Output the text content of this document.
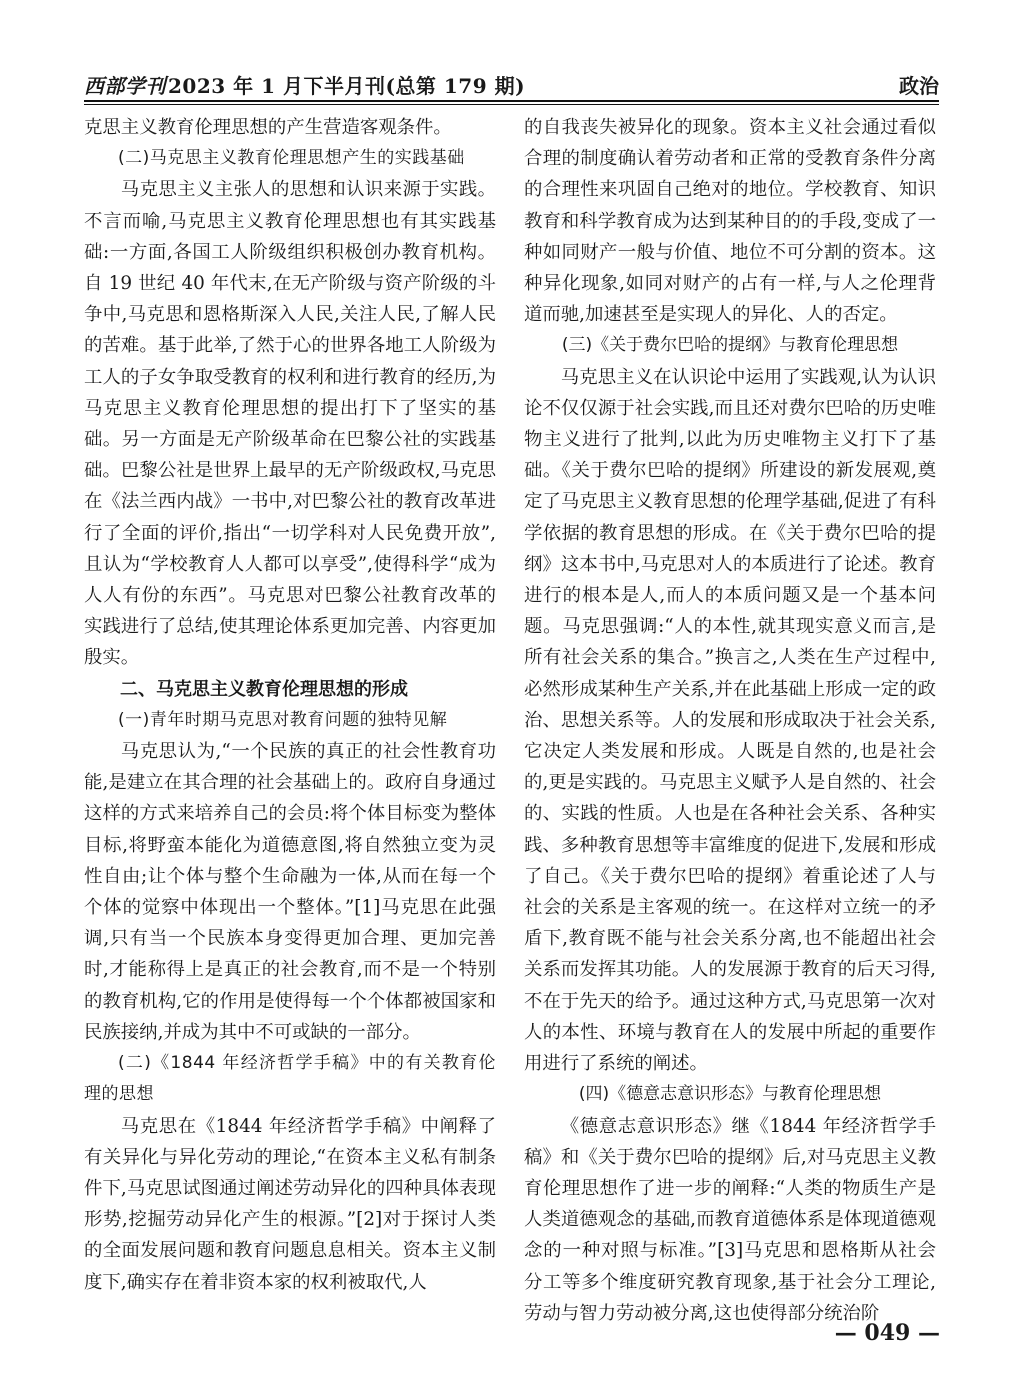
西部学刊 2023 年 1 月下半月刊(总第 179 期)	政治

克思主义教育伦理思想的产生营造客观条件。

(二)马克思主义教育伦理思想产生的实践基础

马克思主义主张人的思想和认识来源于实践。不言而喻,马克思主义教育伦理思想也有其实践基础:一方面,各国工人阶级组织积极创办教育机构。自 19 世纪 40 年代末,在无产阶级与资产阶级的斗争中,马克思和恩格斯深入人民,关注人民,了解人民的苦难。基于此举,了然于心的世界各地工人阶级为工人的子女争取受教育的权利和进行教育的经历,为马克思主义教育伦理思想的提出打下了坚实的基础。另一方面是无产阶级革命在巴黎公社的实践基础。巴黎公社是世界上最早的无产阶级政权,马克思在《法兰西内战》一书中,对巴黎公社的教育改革进行了全面的评价,指出“一切学科对人民免费开放”,且认为“学校教育人人都可以享受”,使得科学“成为人人有份的东西”。马克思对巴黎公社教育改革的实践进行了总结,使其理论体系更加完善、内容更加殷实。

二、马克思主义教育伦理思想的形成

(一)青年时期马克思对教育问题的独特见解

马克思认为,“一个民族的真正的社会性教育功能,是建立在其合理的社会基础上的。政府自身通过这样的方式来培养自己的会员:将个体目标变为整体目标,将野蛮本能化为道德意图,将自然独立变为灵性自由;让个体与整个生命融为一体,从而在每一个个体的觉察中体现出一个整体。”[1]马克思在此强调,只有当一个民族本身变得更加合理、更加完善时,才能称得上是真正的社会教育,而不是一个特别的教育机构,它的作用是使得每一个个体都被国家和民族接纳,并成为其中不可或缺的一部分。

(二)《1844 年经济哲学手稿》中的有关教育伦理的思想

马克思在《1844 年经济哲学手稿》中阐释了有关异化与异化劳动的理论,“在资本主义私有制条件下,马克思试图通过阐述劳动异化的四种具体表现形势,挖掘劳动异化产生的根源。”[2]对于探讨人类的全面发展问题和教育问题息息相关。资本主义制度下,确实存在着非资本家的权利被取代,人

的自我丧失被异化的现象。资本主义社会通过看似合理的制度确认着劳动者和正常的受教育条件分离的合理性来巩固自己绝对的地位。学校教育、知识教育和科学教育成为达到某种目的的手段,变成了一种如同财产一般与价值、地位不可分割的资本。这种异化现象,如同对财产的占有一样,与人之伦理背道而驰,加速甚至是实现人的异化、人的否定。

(三)《关于费尔巴哈的提纲》与教育伦理思想

马克思主义在认识论中运用了实践观,认为认识论不仅仅源于社会实践,而且还对费尔巴哈的历史唯物主义进行了批判,以此为历史唯物主义打下了基础。《关于费尔巴哈的提纲》所建设的新发展观,奠定了马克思主义教育思想的伦理学基础,促进了有科学依据的教育思想的形成。在《关于费尔巴哈的提纲》这本书中,马克思对人的本质进行了论述。教育进行的根本是人,而人的本质问题又是一个基本问题。马克思强调:“人的本性,就其现实意义而言,是所有社会关系的集合。”换言之,人类在生产过程中,必然形成某种生产关系,并在此基础上形成一定的政治、思想关系等。人的发展和形成取决于社会关系,它决定人类发展和形成。人既是自然的,也是社会的,更是实践的。马克思主义赋予人是自然的、社会的、实践的性质。人也是在各种社会关系、各种实践、多种教育思想等丰富维度的促进下,发展和形成了自己。《关于费尔巴哈的提纲》着重论述了人与社会的关系是主客观的统一。在这样对立统一的矛盾下,教育既不能与社会关系分离,也不能超出社会关系而发挥其功能。人的发展源于教育的后天习得,不在于先天的给予。通过这种方式,马克思第一次对人的本性、环境与教育在人的发展中所起的重要作用进行了系统的阐述。

(四)《德意志意识形态》与教育伦理思想

《德意志意识形态》继《1844 年经济哲学手稿》和《关于费尔巴哈的提纲》后,对马克思主义教育伦理思想作了进一步的阐释:“人类的物质生产是人类道德观念的基础,而教育道德体系是体现道德观念的一种对照与标准。”[3]马克思和恩格斯从社会分工等多个维度研究教育现象,基于社会分工理论,劳动与智力劳动被分离,这也使得部分统治阶

— 049 —
